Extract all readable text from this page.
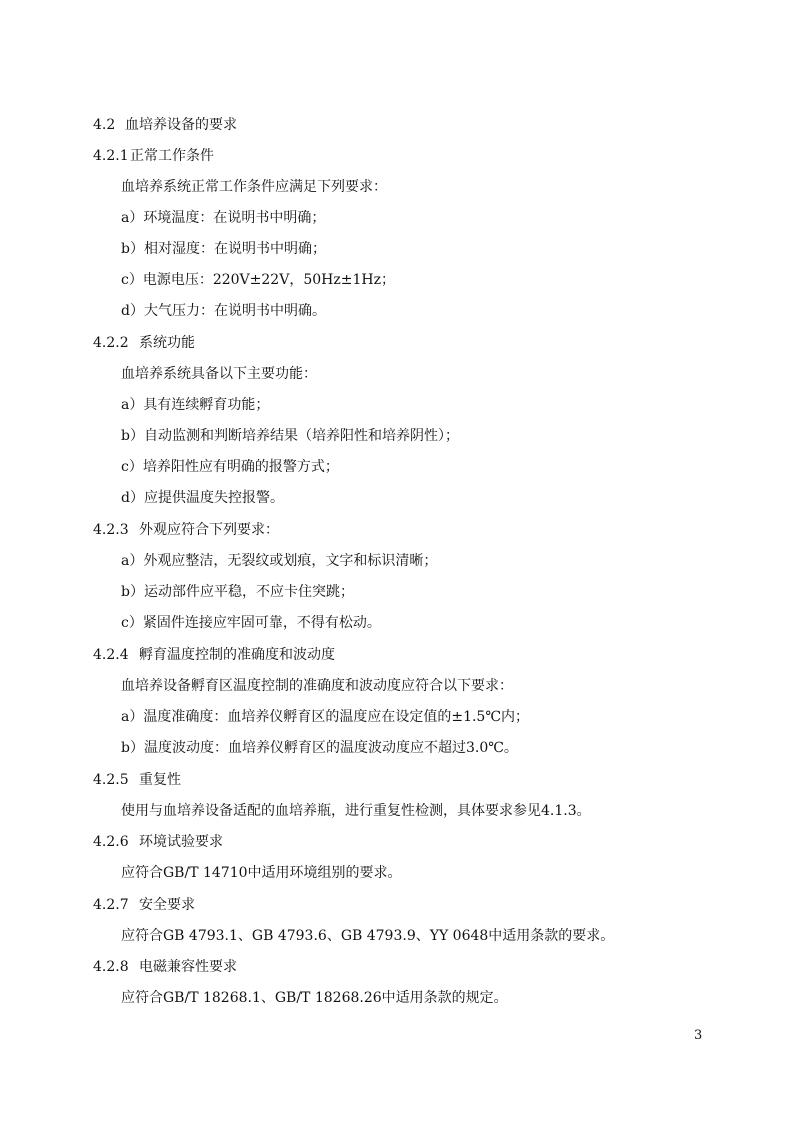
4.2 血培养设备的要求
4.2.1正常工作条件
血培养系统正常工作条件应满足下列要求：
a）环境温度：在说明书中明确；
b）相对湿度：在说明书中明确；
c）电源电压：220V±22V，50Hz±1Hz；
d）大气压力：在说明书中明确。
4.2.2 系统功能
血培养系统具备以下主要功能：
a）具有连续孵育功能；
b）自动监测和判断培养结果（培养阳性和培养阴性）；
c）培养阳性应有明确的报警方式；
d）应提供温度失控报警。
4.2.3 外观应符合下列要求：
a）外观应整洁，无裂纹或划痕，文字和标识清晰；
b）运动部件应平稳，不应卡住突跳；
c）紧固件连接应牢固可靠，不得有松动。
4.2.4 孵育温度控制的准确度和波动度
血培养设备孵育区温度控制的准确度和波动度应符合以下要求：
a）温度准确度：血培养仪孵育区的温度应在设定值的±1.5℃内；
b）温度波动度：血培养仪孵育区的温度波动度应不超过3.0℃。
4.2.5 重复性
使用与血培养设备适配的血培养瓶，进行重复性检测，具体要求参见4.1.3。
4.2.6 环境试验要求
应符合GB/T 14710中适用环境组别的要求。
4.2.7 安全要求
应符合GB 4793.1、GB 4793.6、GB 4793.9、YY 0648中适用条款的要求。
4.2.8 电磁兼容性要求
应符合GB/T 18268.1、GB/T 18268.26中适用条款的规定。
3
